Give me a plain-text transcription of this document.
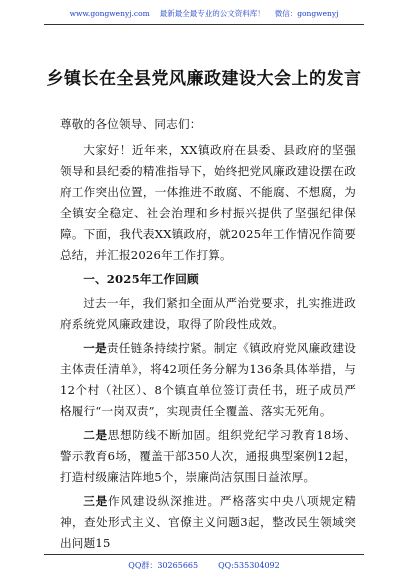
www.gongwenyj.com 最新最全最专业的公文资料库！ 微信：gongwenyj
乡镇长在全县党风廉政建设大会上的发言

尊敬的各位领导、同志们：

大家好！近年来，XX镇政府在县委、县政府的坚强领导和县纪委的精准指导下，始终把党风廉政建设摆在政府工作突出位置，一体推进不敢腐、不能腐、不想腐，为全镇安全稳定、社会治理和乡村振兴提供了坚强纪律保障。下面，我代表XX镇政府，就2025年工作情况作简要总结，并汇报2026年工作打算。

一、2025年工作回顾

过去一年，我们紧扣全面从严治党要求，扎实推进政府系统党风廉政建设，取得了阶段性成效。

一是责任链条持续拧紧。制定《镇政府党风廉政建设主体责任清单》，将42项任务分解为136条具体举措，与12个村（社区）、8个镇直单位签订责任书，班子成员严格履行“一岗双责”，实现责任全覆盖、落实无死角。

二是思想防线不断加固。组织党纪学习教育18场、警示教育6场，覆盖干部350人次，通报典型案例12起，打造村级廉洁阵地5个，崇廉尚洁氛围日益浓厚。

三是作风建设纵深推进。严格落实中央八项规定精神，查处形式主义、官僚主义问题3起，整改民生领域突出问题15

QQ群：30265665	QQ:535304092
